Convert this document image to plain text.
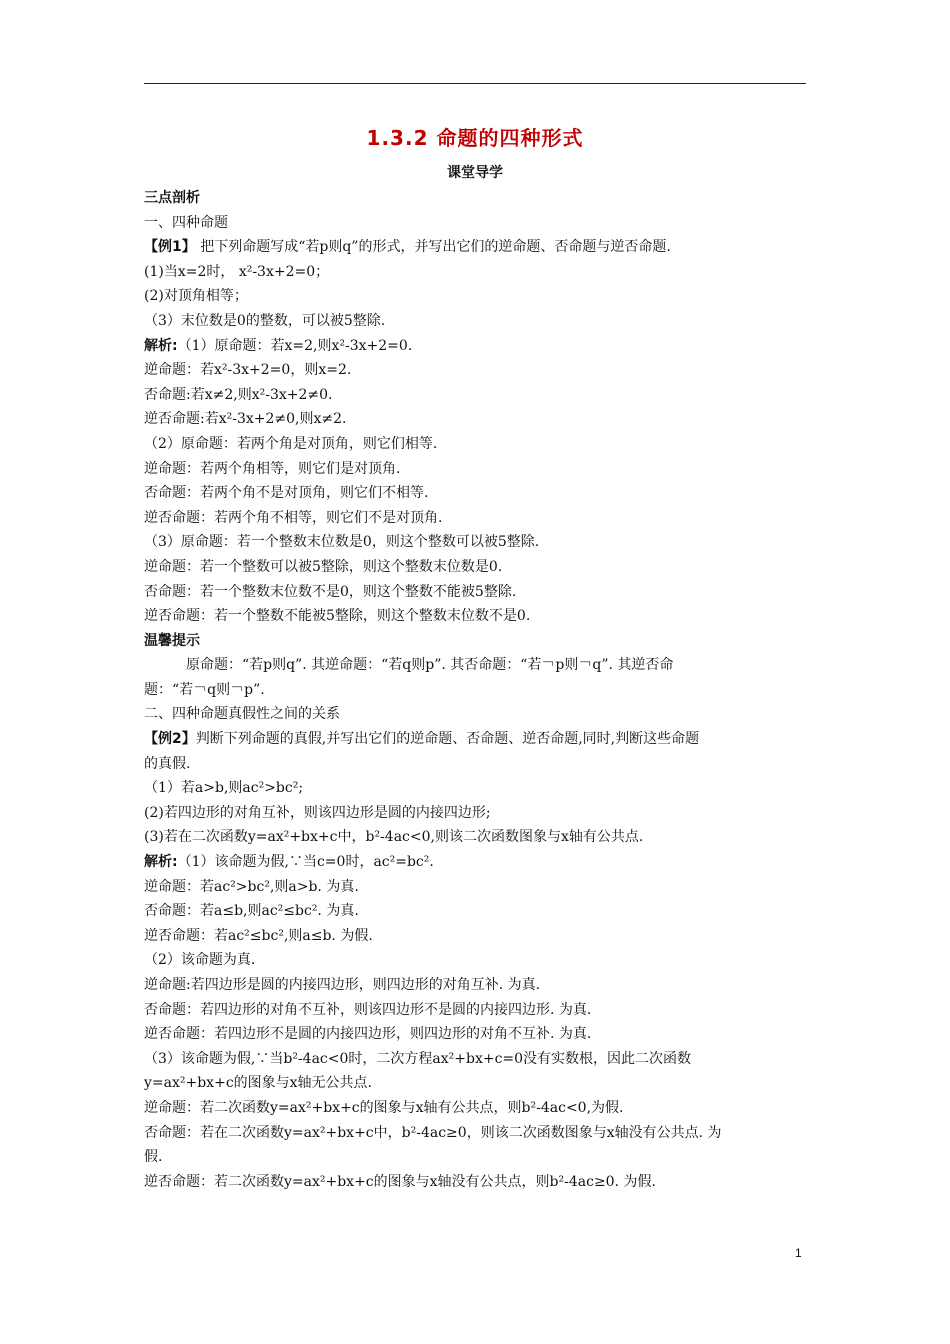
1.3.2 命题的四种形式
课堂导学
三点剖析
一、四种命题
【例1】 把下列命题写成“若p则q”的形式，并写出它们的逆命题、否命题与逆否命题.
(1)当x=2时， x²-3x+2=0；
(2)对顶角相等；
（3）末位数是0的整数，可以被5整除.
解析:（1）原命题：若x=2,则x²-3x+2=0.
逆命题：若x²-3x+2=0，则x=2.
否命题:若x≠2,则x²-3x+2≠0.
逆否命题:若x²-3x+2≠0,则x≠2.
（2）原命题：若两个角是对顶角，则它们相等.
逆命题：若两个角相等，则它们是对顶角.
否命题：若两个角不是对顶角，则它们不相等.
逆否命题：若两个角不相等，则它们不是对顶角.
（3）原命题：若一个整数末位数是0，则这个整数可以被5整除.
逆命题：若一个整数可以被5整除，则这个整数末位数是0.
否命题：若一个整数末位数不是0，则这个整数不能被5整除.
逆否命题：若一个整数不能被5整除，则这个整数末位数不是0.
温馨提示
原命题：“若p则q”. 其逆命题：“若q则p”. 其否命题：“若￢p则￢q”. 其逆否命
题：“若￢q则￢p”.
二、四种命题真假性之间的关系
【例2】判断下列命题的真假,并写出它们的逆命题、否命题、逆否命题,同时,判断这些命题
的真假.
（1）若a>b,则ac²>bc²;
(2)若四边形的对角互补，则该四边形是圆的内接四边形;
(3)若在二次函数y=ax²+bx+c中，b²-4ac<0,则该二次函数图象与x轴有公共点.
解析:（1）该命题为假,∵当c=0时，ac²=bc².
逆命题：若ac²>bc²,则a>b. 为真.
否命题：若a≤b,则ac²≤bc². 为真.
逆否命题：若ac²≤bc²,则a≤b. 为假.
（2）该命题为真.
逆命题:若四边形是圆的内接四边形，则四边形的对角互补. 为真.
否命题：若四边形的对角不互补，则该四边形不是圆的内接四边形. 为真.
逆否命题：若四边形不是圆的内接四边形，则四边形的对角不互补. 为真.
（3）该命题为假,∵当b²-4ac<0时，二次方程ax²+bx+c=0没有实数根，因此二次函数
y=ax²+bx+c的图象与x轴无公共点.
逆命题：若二次函数y=ax²+bx+c的图象与x轴有公共点，则b²-4ac<0,为假.
否命题：若在二次函数y=ax²+bx+c中，b²-4ac≥0，则该二次函数图象与x轴没有公共点. 为
假.
逆否命题：若二次函数y=ax²+bx+c的图象与x轴没有公共点，则b²-4ac≥0. 为假.
1
